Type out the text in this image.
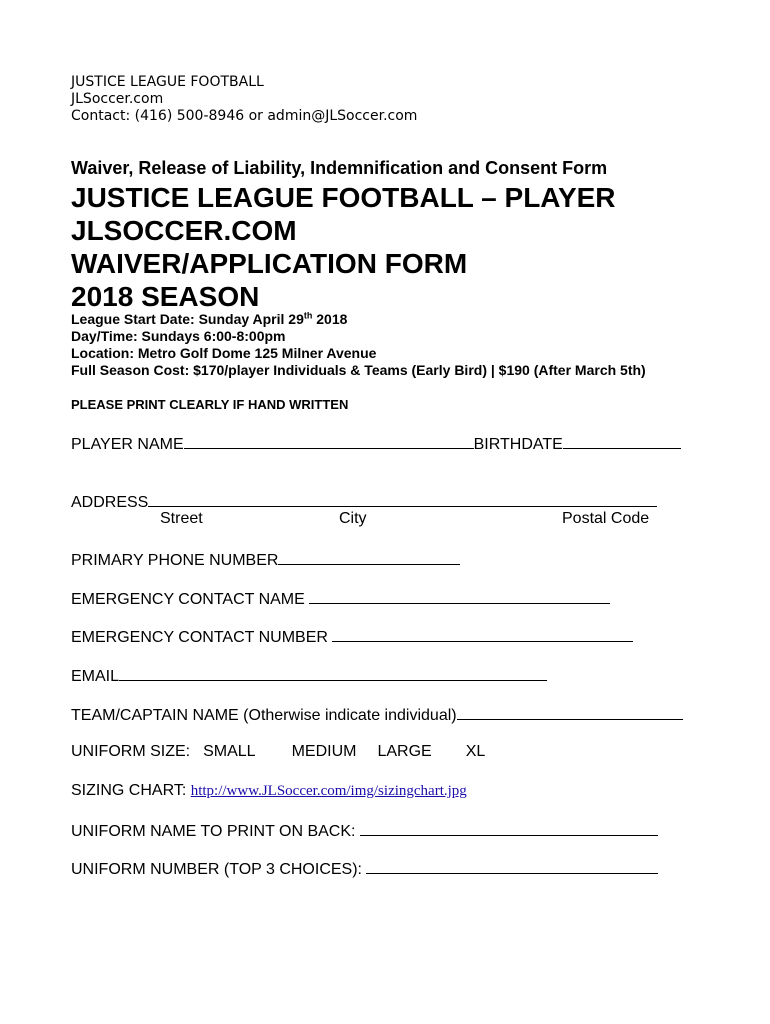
JUSTICE LEAGUE FOOTBALL
JLSoccer.com
Contact: (416) 500-8946 or admin@JLSoccer.com
Waiver, Release of Liability, Indemnification and Consent Form
JUSTICE LEAGUE FOOTBALL – PLAYER
JLSOCCER.COM
WAIVER/APPLICATION FORM
2018 SEASON
League Start Date: Sunday April 29th 2018
Day/Time: Sundays 6:00-8:00pm
Location: Metro Golf Dome 125 Milner Avenue
Full Season Cost: $170/player Individuals & Teams (Early Bird) | $190 (After March 5th)
PLEASE PRINT CLEARLY IF HAND WRITTEN
PLAYER NAME	BIRTHDATE
ADDRESS
Street	City	Postal Code
PRIMARY PHONE NUMBER
EMERGENCY CONTACT NAME
EMERGENCY CONTACT NUMBER
EMAIL
TEAM/CAPTAIN NAME (Otherwise indicate individual)
UNIFORM SIZE: SMALL MEDIUM LARGE XL
SIZING CHART: http://www.JLSoccer.com/img/sizingchart.jpg
UNIFORM NAME TO PRINT ON BACK:
UNIFORM NUMBER (TOP 3 CHOICES):
